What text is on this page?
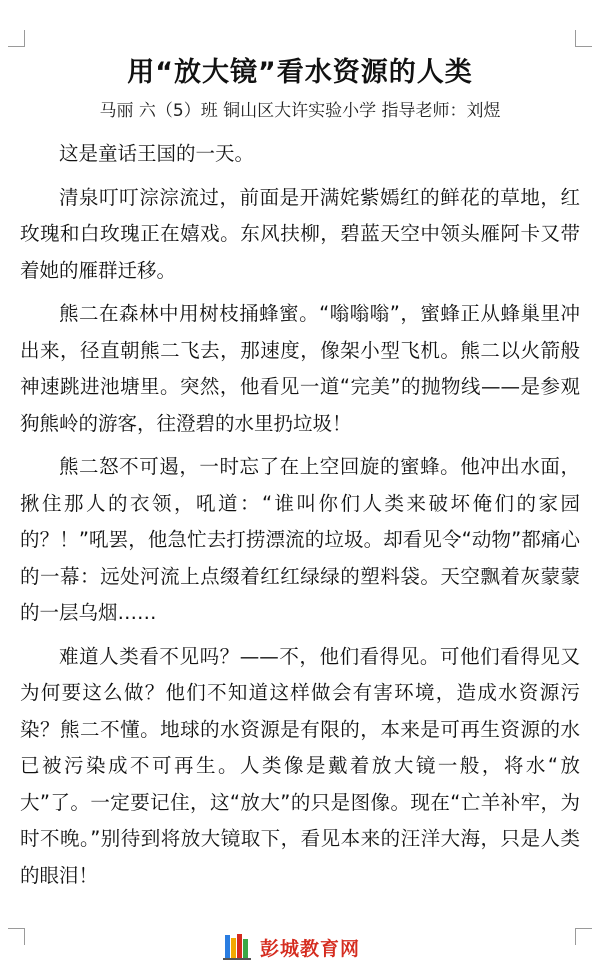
用“放大镜”看水资源的人类
马丽 六（5）班 铜山区大许实验小学 指导老师：刘煜

这是童话王国的一天。

清泉叮叮淙淙流过，前面是开满姹紫嫣红的鲜花的草地，红玫瑰和白玫瑰正在嬉戏。东风扶柳，碧蓝天空中领头雁阿卡又带着她的雁群迁移。

熊二在森林中用树枝捅蜂蜜。“嗡嗡嗡”，蜜蜂正从蜂巢里冲出来，径直朝熊二飞去，那速度，像架小型飞机。熊二以火箭般神速跳进池塘里。突然，他看见一道“完美”的抛物线——是参观狗熊岭的游客，往澄碧的水里扔垃圾！

熊二怒不可遏，一时忘了在上空回旋的蜜蜂。他冲出水面，揪住那人的衣领，吼道：“谁叫你们人类来破坏俺们的家园的？！”吼罢，他急忙去打捞漂流的垃圾。却看见令“动物”都痛心的一幕：远处河流上点缀着红红绿绿的塑料袋。天空飘着灰蒙蒙的一层乌烟……

难道人类看不见吗？——不，他们看得见。可他们看得见又为何要这么做？他们不知道这样做会有害环境，造成水资源污染？熊二不懂。地球的水资源是有限的，本来是可再生资源的水已被污染成不可再生。人类像是戴着放大镜一般，将水“放大”了。一定要记住，这“放大”的只是图像。现在“亡羊补牢，为时不晚。”别待到将放大镜取下，看见本来的汪洋大海，只是人类的眼泪！

彭城教育网
